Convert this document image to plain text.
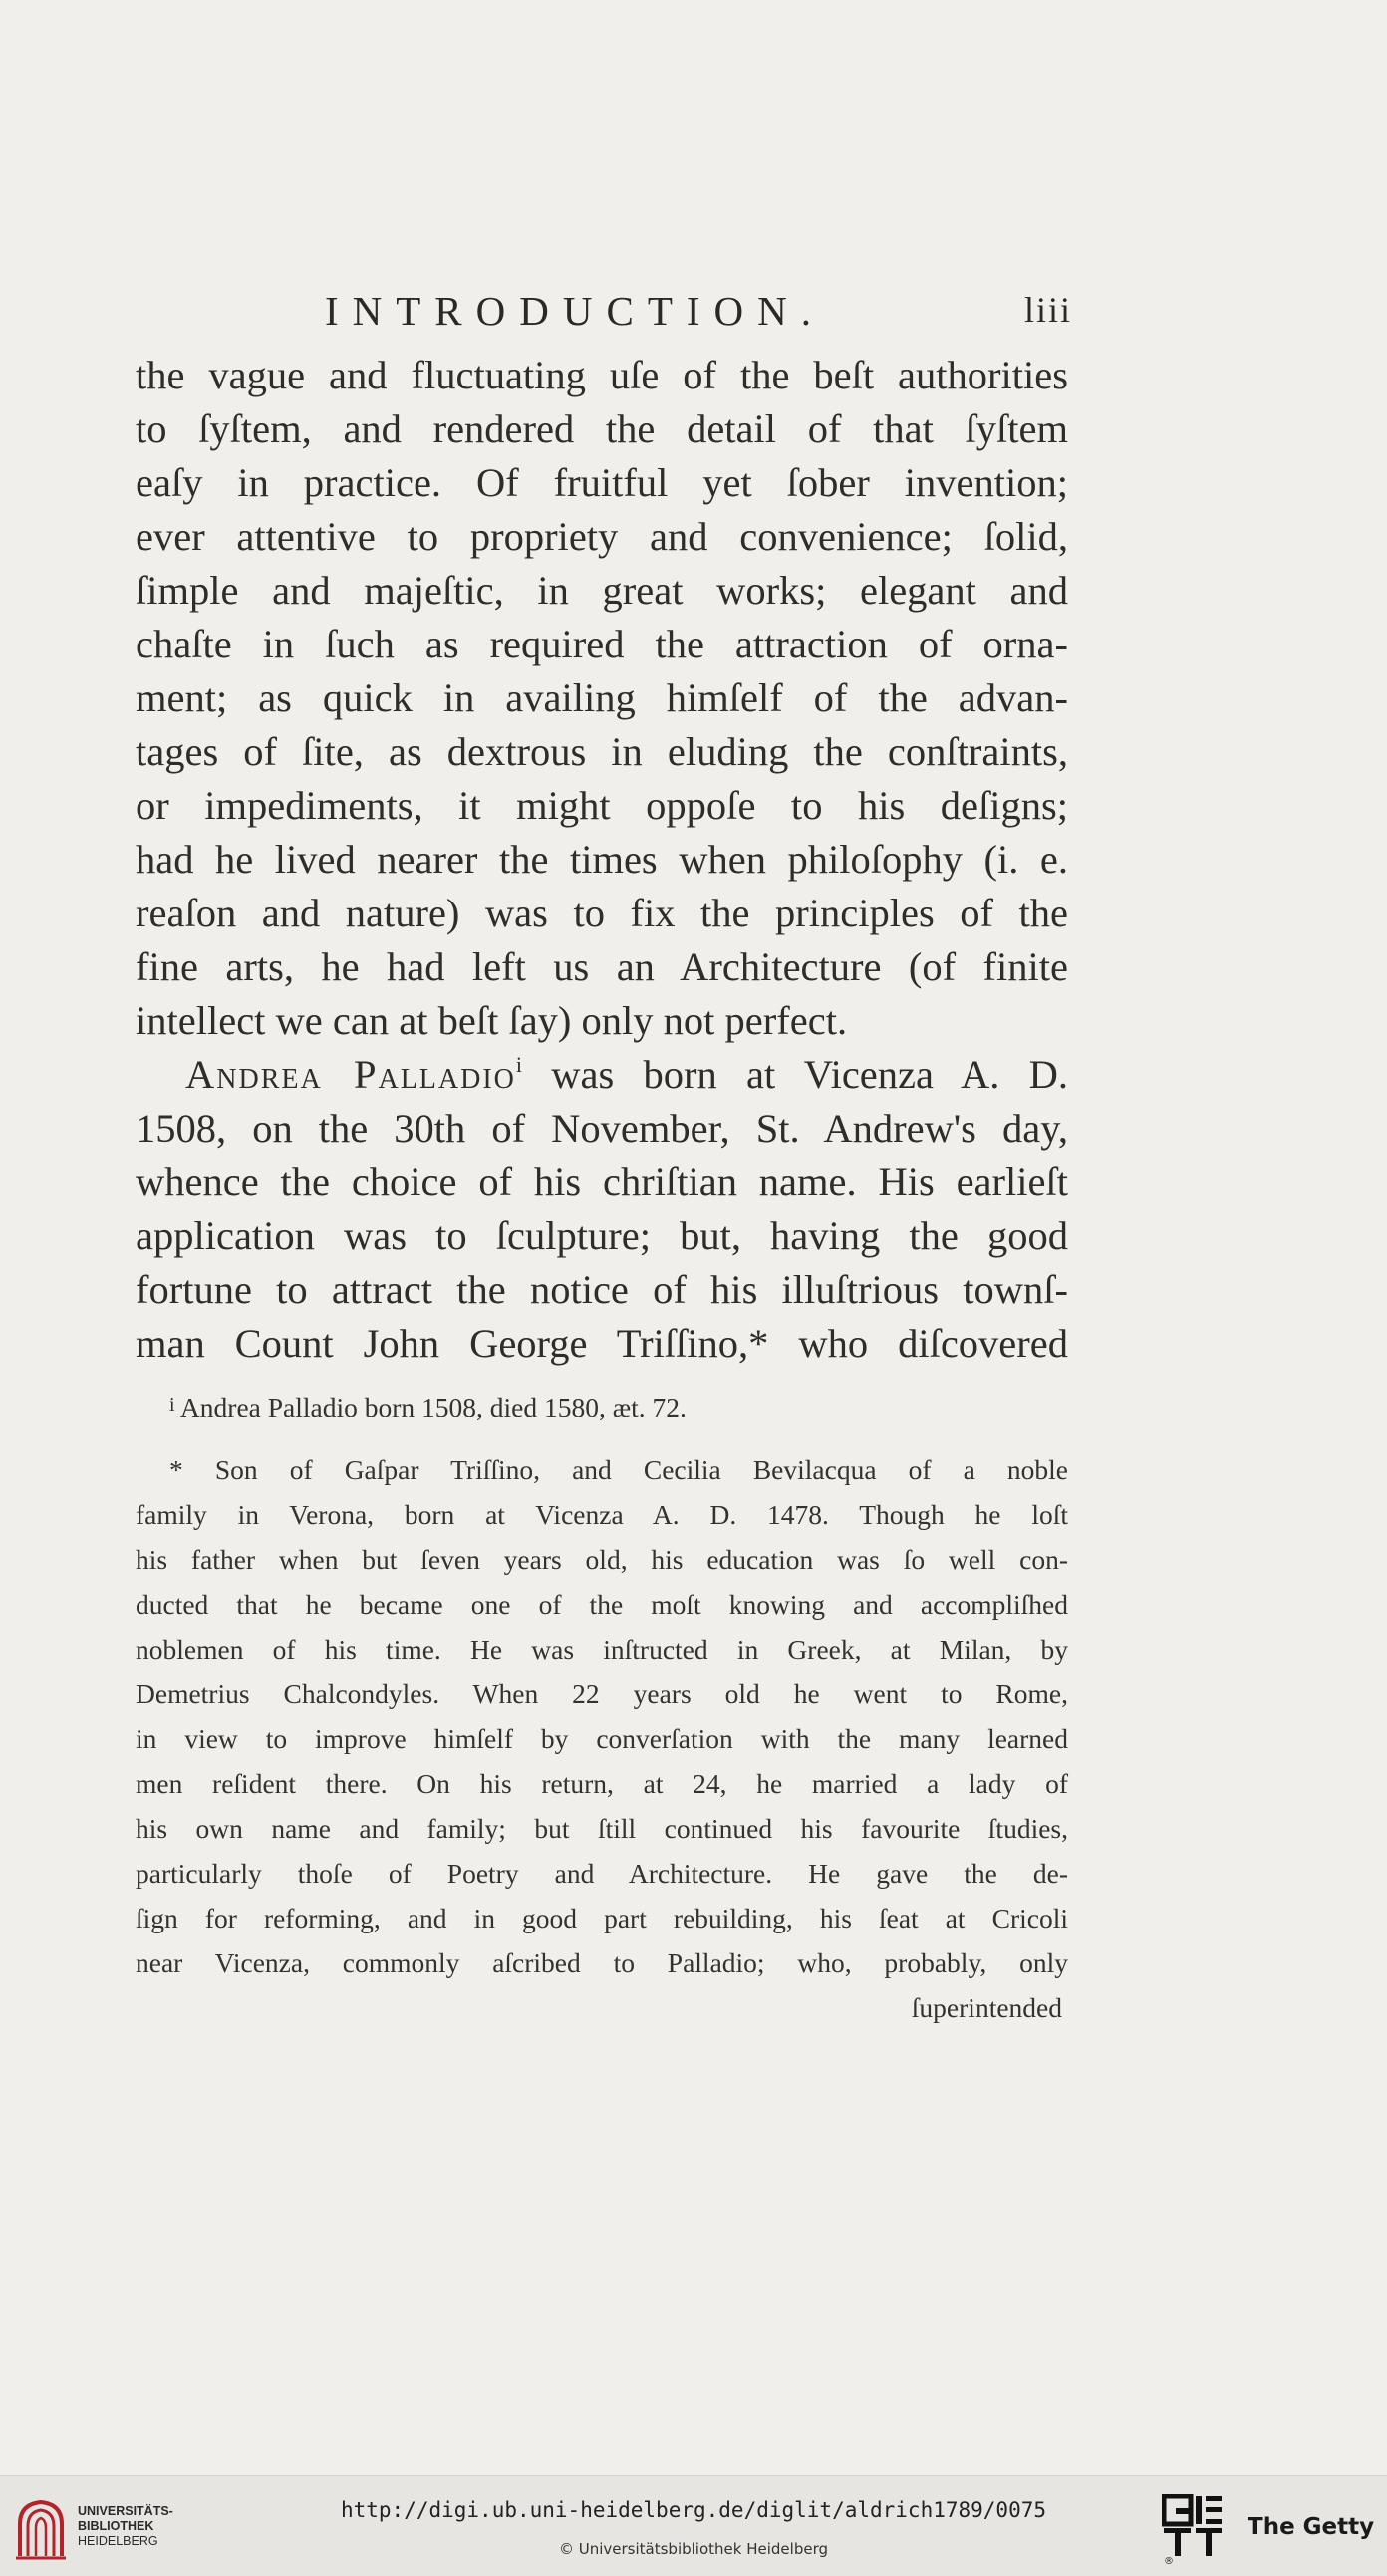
INTRODUCTION.	liii
the vague and fluctuating uſe of the beſt authorities
to ſyſtem, and rendered the detail of that ſyſtem
eaſy in practice. Of fruitful yet ſober invention;
ever attentive to propriety and convenience; ſolid,
ſimple and majeſtic, in great works; elegant and
chaſte in ſuch as required the attraction of orna-
ment; as quick in availing himſelf of the advan-
tages of ſite, as dextrous in eluding the conſtraints,
or impediments, it might oppoſe to his deſigns;
had he lived nearer the times when philoſophy (i. e.
reaſon and nature) was to fix the principles of the
fine arts, he had left us an Architecture (of finite
intellect we can at beſt ſay) only not perfect.
Andrea Palladio$^i$ was born at Vicenza A. D.
1508, on the 30th of November, St. Andrew's day,
whence the choice of his chriſtian name. His earlieſt
application was to ſculpture; but, having the good
fortune to attract the notice of his illuſtrious townſ-
man Count John George Triſſino,* who diſcovered
$^i$ Andrea Palladio born 1508, died 1580, æt. 72.
* Son of Gaſpar Triſſino, and Cecilia Bevilacqua of a noble
family in Verona, born at Vicenza A. D. 1478. Though he loſt
his father when but ſeven years old, his education was ſo well con-
ducted that he became one of the moſt knowing and accompliſhed
noblemen of his time. He was inſtructed in Greek, at Milan, by
Demetrius Chalcondyles. When 22 years old he went to Rome,
in view to improve himſelf by converſation with the many learned
men reſident there. On his return, at 24, he married a lady of
his own name and family; but ſtill continued his favourite ſtudies,
particularly thoſe of Poetry and Architecture. He gave the de-
ſign for reforming, and in good part rebuilding, his ſeat at Cricoli
near Vicenza, commonly aſcribed to Palladio; who, probably, only
ſuperintended
UNIVERSITÄTS-
BIBLIOTHEK
HEIDELBERG
http://digi.ub.uni-heidelberg.de/diglit/aldrich1789/0075
© Universitätsbibliothek Heidelberg
®
The Getty
